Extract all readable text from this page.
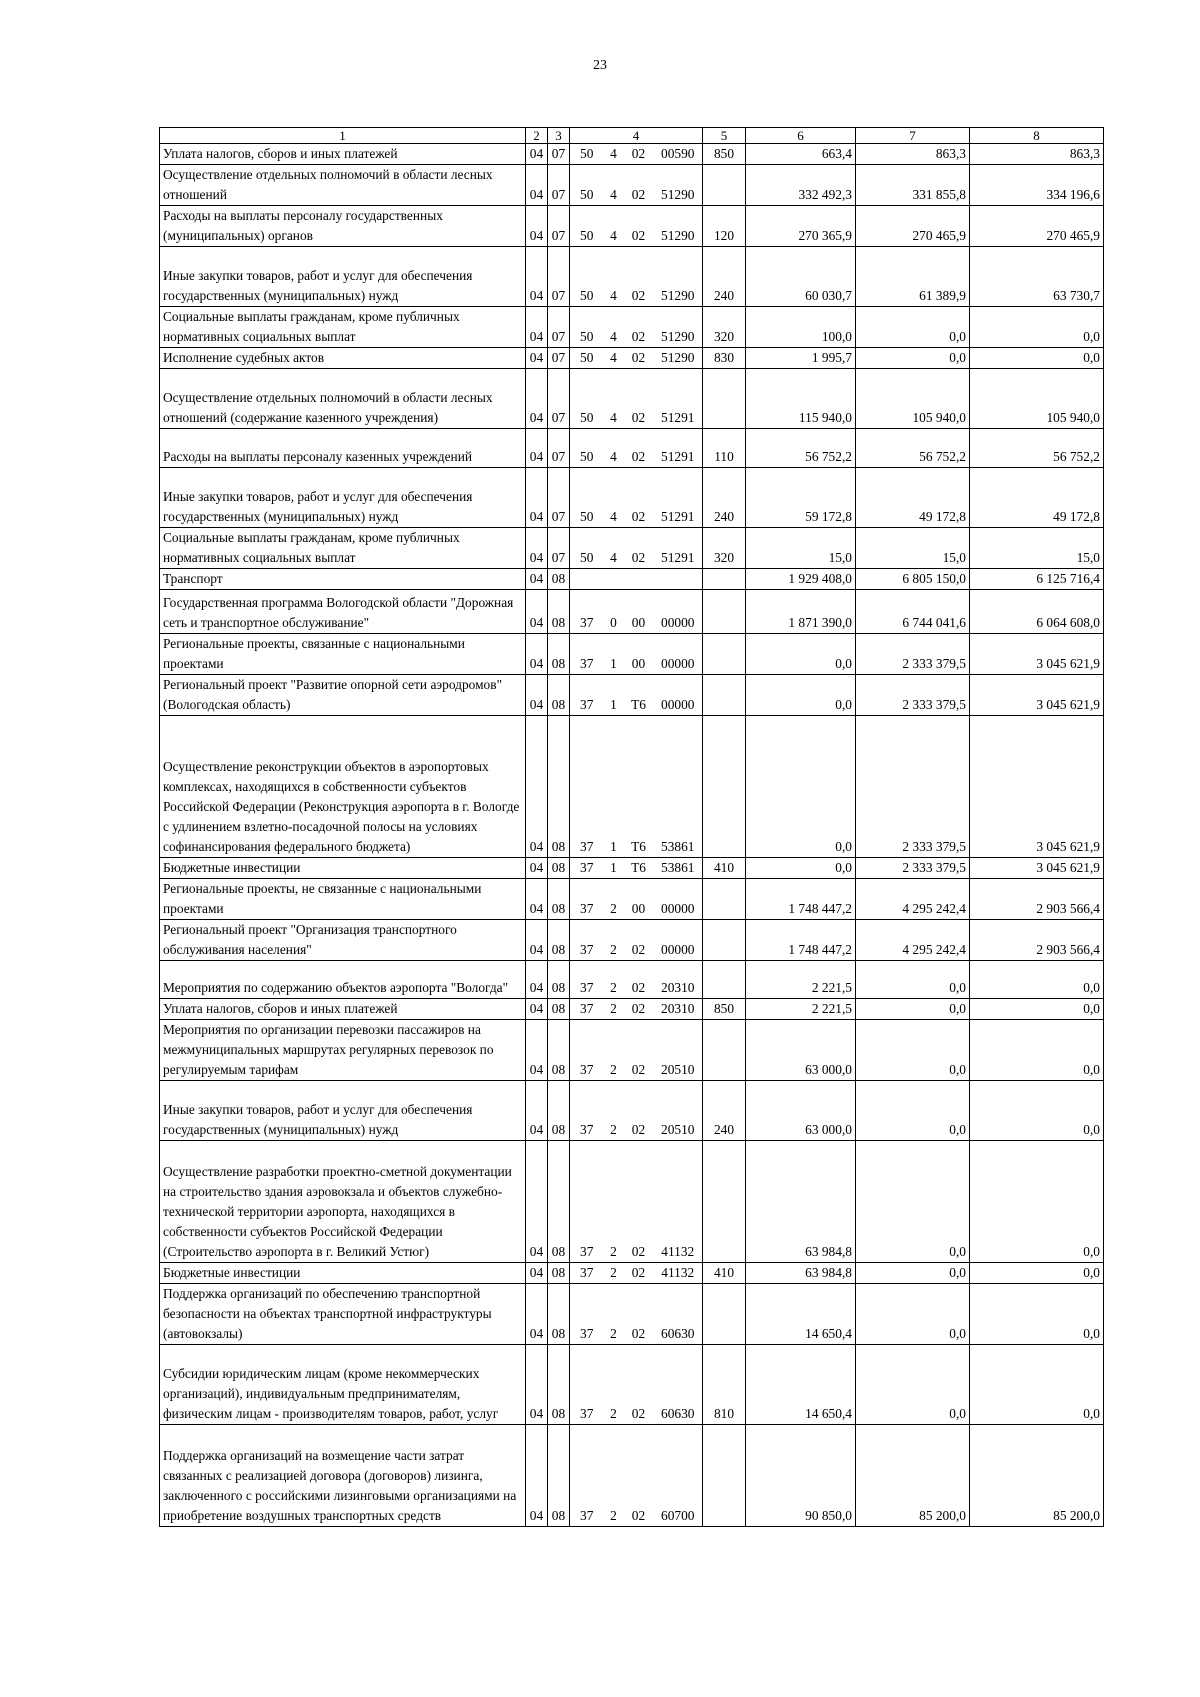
23
1	2	3	4				5	6	7	8
Уплата налогов, сборов и иных платежей	04	07	50	4	02	00590	850	663,4	863,3	863,3
Осуществление отдельных полномочий в области лесных отношений	04	07	50	4	02	51290		332 492,3	331 855,8	334 196,6
Расходы на выплаты персоналу государственных (муниципальных) органов	04	07	50	4	02	51290	120	270 365,9	270 465,9	270 465,9
Иные закупки товаров, работ и услуг для обеспечения государственных (муниципальных) нужд	04	07	50	4	02	51290	240	60 030,7	61 389,9	63 730,7
Социальные выплаты гражданам, кроме публичных нормативных социальных выплат	04	07	50	4	02	51290	320	100,0	0,0	0,0
Исполнение судебных актов	04	07	50	4	02	51290	830	1 995,7	0,0	0,0
Осуществление отдельных полномочий в области лесных отношений (содержание казенного учреждения)	04	07	50	4	02	51291		115 940,0	105 940,0	105 940,0
Расходы на выплаты персоналу казенных учреждений	04	07	50	4	02	51291	110	56 752,2	56 752,2	56 752,2
Иные закупки товаров, работ и услуг для обеспечения государственных (муниципальных) нужд	04	07	50	4	02	51291	240	59 172,8	49 172,8	49 172,8
Социальные выплаты гражданам, кроме публичных нормативных социальных выплат	04	07	50	4	02	51291	320	15,0	15,0	15,0
Транспорт	04	08						1 929 408,0	6 805 150,0	6 125 716,4
Государственная программа Вологодской области "Дорожная сеть и транспортное обслуживание"	04	08	37	0	00	00000		1 871 390,0	6 744 041,6	6 064 608,0
Региональные проекты, связанные с национальными проектами	04	08	37	1	00	00000		0,0	2 333 379,5	3 045 621,9
Региональный проект "Развитие опорной сети аэродромов" (Вологодская область)	04	08	37	1	Т6	00000		0,0	2 333 379,5	3 045 621,9
Осуществление реконструкции объектов в аэропортовых комплексах, находящихся в собственности субъектов Российской Федерации (Реконструкция аэропорта в г. Вологде с удлинением взлетно-посадочной полосы на условиях софинансирования федерального бюджета)	04	08	37	1	Т6	53861		0,0	2 333 379,5	3 045 621,9
Бюджетные инвестиции	04	08	37	1	Т6	53861	410	0,0	2 333 379,5	3 045 621,9
Региональные проекты, не связанные с национальными проектами	04	08	37	2	00	00000		1 748 447,2	4 295 242,4	2 903 566,4
Региональный проект "Организация транспортного обслуживания населения"	04	08	37	2	02	00000		1 748 447,2	4 295 242,4	2 903 566,4
Мероприятия по содержанию объектов аэропорта "Вологда"	04	08	37	2	02	20310		2 221,5	0,0	0,0
Уплата налогов, сборов и иных платежей	04	08	37	2	02	20310	850	2 221,5	0,0	0,0
Мероприятия по организации перевозки пассажиров на межмуниципальных маршрутах регулярных перевозок по регулируемым тарифам	04	08	37	2	02	20510		63 000,0	0,0	0,0
Иные закупки товаров, работ и услуг для обеспечения государственных (муниципальных) нужд	04	08	37	2	02	20510	240	63 000,0	0,0	0,0
Осуществление разработки проектно-сметной документации на строительство здания аэровокзала и объектов служебно-технической территории аэропорта, находящихся в собственности субъектов Российской Федерации (Строительство аэропорта в г. Великий Устюг)	04	08	37	2	02	41132		63 984,8	0,0	0,0
Бюджетные инвестиции	04	08	37	2	02	41132	410	63 984,8	0,0	0,0
Поддержка организаций по обеспечению транспортной безопасности на объектах транспортной инфраструктуры (автовокзалы)	04	08	37	2	02	60630		14 650,4	0,0	0,0
Субсидии юридическим лицам (кроме некоммерческих организаций), индивидуальным предпринимателям, физическим лицам - производителям товаров, работ, услуг	04	08	37	2	02	60630	810	14 650,4	0,0	0,0
Поддержка организаций на возмещение части затрат связанных с реализацией договора (договоров) лизинга, заключенного с российскими лизинговыми организациями на приобретение воздушных транспортных средств	04	08	37	2	02	60700		90 850,0	85 200,0	85 200,0
